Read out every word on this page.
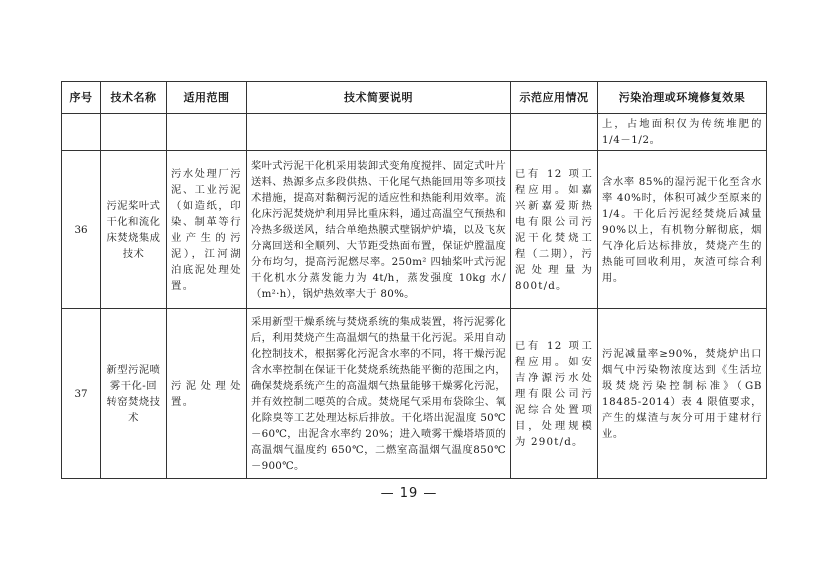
序号	技术名称	适用范围	技术简要说明	示范应用情况	污染治理或环境修复效果
					上，占地面积仅为传统堆肥的1/4－1/2。
36	污泥桨叶式干化和流化床焚烧集成技术	污水处理厂污泥、工业污泥（如造纸，印染、制革等行业产生的污泥），江河湖泊底泥处理处置。	桨叶式污泥干化机采用装卸式变角度搅拌、固定式叶片送料、热源多点多段供热、干化尾气热能回用等多项技术措施，提高对黏稠污泥的适应性和热能利用效率。流化床污泥焚烧炉利用异比重床料，通过高温空气预热和冷热多级送风，结合单绝热膜式壁锅炉炉墙，以及飞灰分离回送和全顺列、大节距受热面布置，保证炉膛温度分布均匀，提高污泥燃尽率。250m² 四轴桨叶式污泥干化机水分蒸发能力为 4t/h，蒸发强度 10kg 水/（m²·h），锅炉热效率大于 80%。	已有 12 项工程应用。如嘉兴新嘉爱斯热电有限公司污泥干化焚烧工程（二期），污泥处理量为800t/d。	含水率 85%的湿污泥干化至含水率 40%时，体积可减少至原来的 1/4。干化后污泥经焚烧后减量 90%以上，有机物分解彻底，烟气净化后达标排放，焚烧产生的热能可回收利用，灰渣可综合利用。
37	新型污泥喷雾干化-回转窑焚烧技术	污泥处理处置。	采用新型干燥系统与焚烧系统的集成装置，将污泥雾化后，利用焚烧产生高温烟气的热量干化污泥。采用自动化控制技术，根据雾化污泥含水率的不同，将干燥污泥含水率控制在保证干化焚烧系统热能平衡的范围之内，确保焚烧系统产生的高温烟气热量能够干燥雾化污泥，并有效控制二噁英的合成。焚烧尾气采用布袋除尘、氧化除臭等工艺处理达标后排放。干化塔出泥温度 50℃－60℃，出泥含水率约 20%；进入喷雾干燥塔塔顶的高温烟气温度约 650℃，二燃室高温烟气温度850℃－900℃。	已有 12 项工程应用。如安吉净源污水处理有限公司污泥综合处置项目，处理规模为 290t/d。	污泥减量率≥90%，焚烧炉出口烟气中污染物浓度达到《生活垃圾焚烧污染控制标准》（GB 18485-2014）表 4 限值要求，产生的煤渣与灰分可用于建材行业。
— 19 —
